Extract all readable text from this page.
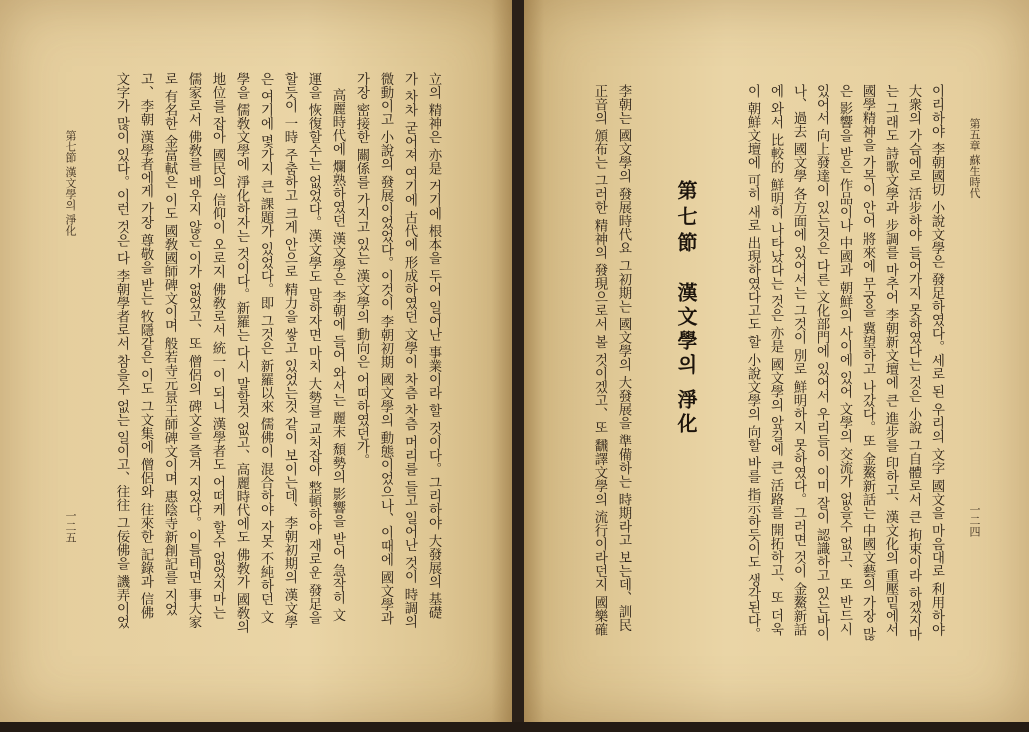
第五章 蘇生時代
一二四
이리하야 李朝國切 小說文學은 發足하였다。세로 된 우리의 文字 國文을 마음대로 利用하야
大衆의 가슴에로 活步하야 들어가지 못하였다는 것은 小說 그自體로서 큰 拘束이라 하겠지마
는 그래도 詩歌文學과 步調를 마추어 李朝新文壇에 큰 進步를 印하고、漢文化의 重壓밑에서
國學精神을 가목이 안어 將來에 무궁을 冀望하고 나갔다。또 金鰲新話는 中國文藝의 가장 많
은 影響을 받은 作品이나 中國과 朝鮮의 사이에 있어 文學의 交流가 없을수 없고、또 반드시
있어서 向上發達이 있는것은 다른 文化部門에 있어서 우리들이 이미 잘이 認識하고 있는바이
나、過去 國文學 各方面에 있어서는 그것이 別로 鮮明하지 못하였다。그러면 것이 金鰲新話
에 와서 比較的 鮮明히 나타났다는 것은 亦是 國文學의 앞길에 큰 活路를 開拓하고、또 더욱
이 朝鮮文壇에 可히 새로 出現하였다고도 할 小說文學의 向할 바를 指示하듯이도 생각된다。
第七節
漢文學의 淨化
李朝는 國文學의 發展時代요 그初期는 國文學의 大發展을 準備하는 時期라고 보는데、訓民
正音의 頒布는 그러한 精神의 發現으로서 볼 것이겠고、또 飜譯文學의 流行이라던지 國樂確
立의 精神은 亦是 거기에 根本을 두어 일어난 事業이라 할 것이다。그리하야 大發展의 基礎
가 차차 굳어져 여기에 古代에 形成하였던 文學이 차츰 차츰 머리를 들고 일어난 것이 時調의
微動이고 小說의 發展이었었다。이것이 李朝初期 國文學의 動態이었으나、이때에 國文學과
가장 密接한 關係를 가지고 있는 漢文學의 動向은 어떠하였던가。
高麗時代에 爛熟하였던 漢文學은 李朝에 들어 와서는 麗末 頹勢의 影響을 받어 急작히 文
運을 恢復할수는 없었다。漢文學도 말하자면 마치 大勢를 교처잡아 整頓하야 재로운 發足을
할듯이 一時 주춤하고 크게 안으로 精力을 쌓고 있었는것 같이 보이는데、李朝初期의 漢文學
은 여기에 몇가지 큰 課題가 있었다。即 그것은 新羅以來 儒佛이 混合하야 자못 不純하던 文
學을 儒敎文學에 淨化하자는 것이다。新羅는 다시 말할것 없고、高麗時代에도 佛敎가 國敎의
地位를 잡아 國民의 信仰이 오로지 佛敎로서 統一이 되니 漢學者도 어떠케 할수 없었지마는
儒家로서 佛敎를 배우지 않은 이가 없었고、또 僧侶의 碑文을 즐겨 지었다。이틀테면 事大家
로 有名한 金富軾은 이도 國敎國師碑文이며 般若寺元景王師碑文이며 惠陰寺新創記를 지었
고、李朝 漢學者에게 가장 尊敬을 받는 牧隱같은 이도 그文集에 僧侶와 往來한 記錄과 信佛
文字가 많이 있다。이런 것은 다 李朝學者로서 참을수 없는 일이고、往往 그佞佛을 譏弄이었
第七節 漢文學의 淨化
一二五
